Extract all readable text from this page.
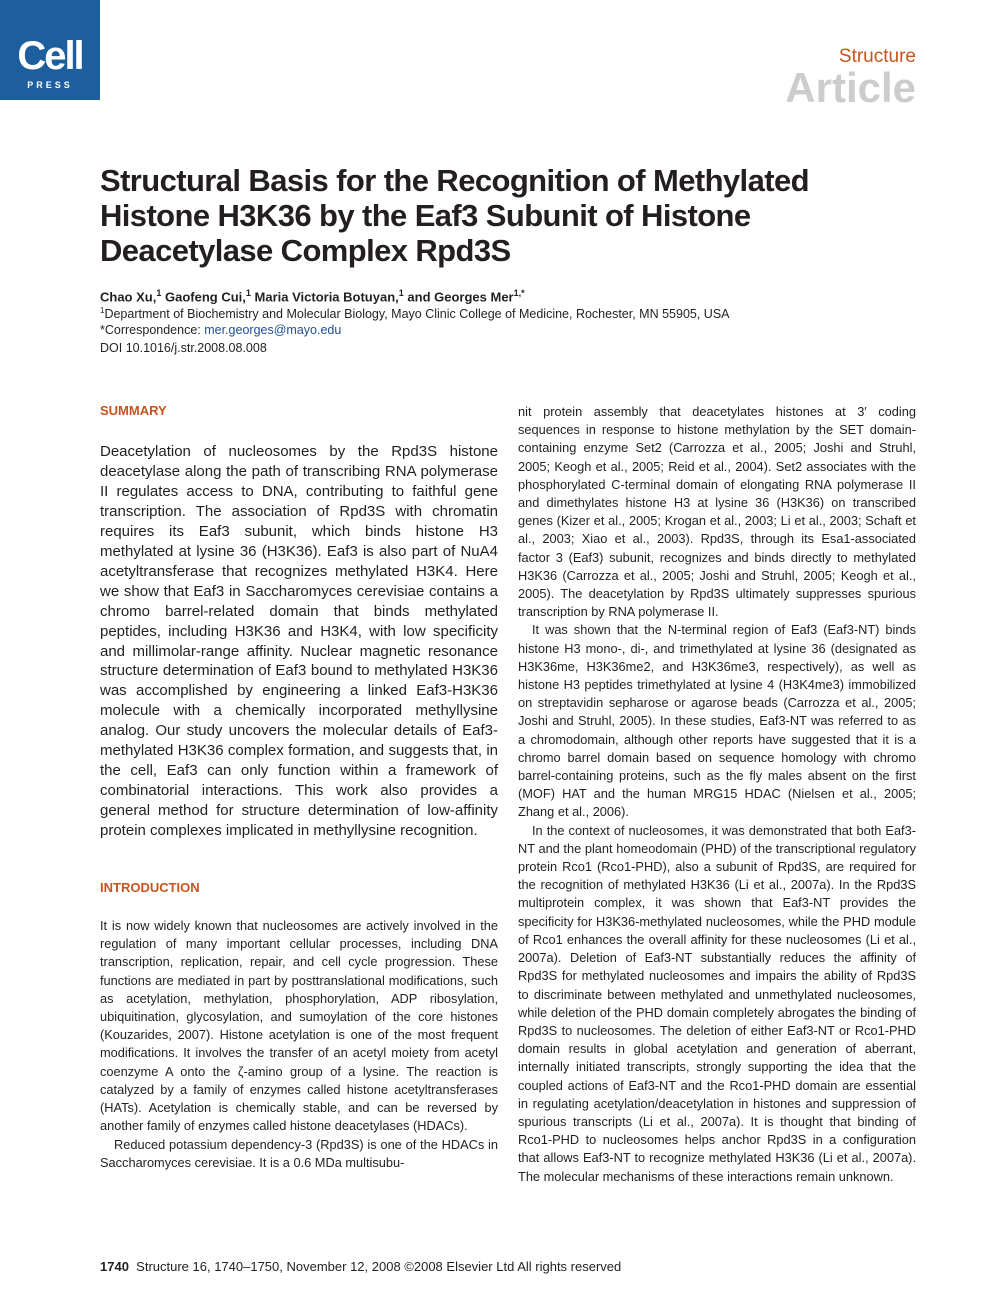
Cell
PRESS
Structure
Article
Structural Basis for the Recognition of Methylated Histone H3K36 by the Eaf3 Subunit of Histone Deacetylase Complex Rpd3S
Chao Xu,$^1$ Gaofeng Cui,$^1$ Maria Victoria Botuyan,$^1$ and Georges Mer$^{1,*}$
$^1$Department of Biochemistry and Molecular Biology, Mayo Clinic College of Medicine, Rochester, MN 55905, USA
*Correspondence: mer.georges@mayo.edu
DOI 10.1016/j.str.2008.08.008
SUMMARY

Deacetylation of nucleosomes by the Rpd3S histone deacetylase along the path of transcribing RNA polymerase II regulates access to DNA, contributing to faithful gene transcription. The association of Rpd3S with chromatin requires its Eaf3 subunit, which binds histone H3 methylated at lysine 36 (H3K36). Eaf3 is also part of NuA4 acetyltransferase that recognizes methylated H3K4. Here we show that Eaf3 in Saccharomyces cerevisiae contains a chromo barrel-related domain that binds methylated peptides, including H3K36 and H3K4, with low specificity and millimolar-range affinity. Nuclear magnetic resonance structure determination of Eaf3 bound to methylated H3K36 was accomplished by engineering a linked Eaf3-H3K36 molecule with a chemically incorporated methyllysine analog. Our study uncovers the molecular details of Eaf3-methylated H3K36 complex formation, and suggests that, in the cell, Eaf3 can only function within a framework of combinatorial interactions. This work also provides a general method for structure determination of low-affinity protein complexes implicated in methyllysine recognition.

INTRODUCTION

It is now widely known that nucleosomes are actively involved in the regulation of many important cellular processes, including DNA transcription, replication, repair, and cell cycle progression. These functions are mediated in part by posttranslational modifications, such as acetylation, methylation, phosphorylation, ADP ribosylation, ubiquitination, glycosylation, and sumoylation of the core histones (Kouzarides, 2007). Histone acetylation is one of the most frequent modifications. It involves the transfer of an acetyl moiety from acetyl coenzyme A onto the ζ-amino group of a lysine. The reaction is catalyzed by a family of enzymes called histone acetyltransferases (HATs). Acetylation is chemically stable, and can be reversed by another family of enzymes called histone deacetylases (HDACs).

Reduced potassium dependency-3 (Rpd3S) is one of the HDACs in Saccharomyces cerevisiae. It is a 0.6 MDa multisubu-

nit protein assembly that deacetylates histones at 3′ coding sequences in response to histone methylation by the SET domain-containing enzyme Set2 (Carrozza et al., 2005; Joshi and Struhl, 2005; Keogh et al., 2005; Reid et al., 2004). Set2 associates with the phosphorylated C-terminal domain of elongating RNA polymerase II and dimethylates histone H3 at lysine 36 (H3K36) on transcribed genes (Kizer et al., 2005; Krogan et al., 2003; Li et al., 2003; Schaft et al., 2003; Xiao et al., 2003). Rpd3S, through its Esa1-associated factor 3 (Eaf3) subunit, recognizes and binds directly to methylated H3K36 (Carrozza et al., 2005; Joshi and Struhl, 2005; Keogh et al., 2005). The deacetylation by Rpd3S ultimately suppresses spurious transcription by RNA polymerase II.

It was shown that the N-terminal region of Eaf3 (Eaf3-NT) binds histone H3 mono-, di-, and trimethylated at lysine 36 (designated as H3K36me, H3K36me2, and H3K36me3, respectively), as well as histone H3 peptides trimethylated at lysine 4 (H3K4me3) immobilized on streptavidin sepharose or agarose beads (Carrozza et al., 2005; Joshi and Struhl, 2005). In these studies, Eaf3-NT was referred to as a chromodomain, although other reports have suggested that it is a chromo barrel domain based on sequence homology with chromo barrel-containing proteins, such as the fly males absent on the first (MOF) HAT and the human MRG15 HDAC (Nielsen et al., 2005; Zhang et al., 2006).

In the context of nucleosomes, it was demonstrated that both Eaf3-NT and the plant homeodomain (PHD) of the transcriptional regulatory protein Rco1 (Rco1-PHD), also a subunit of Rpd3S, are required for the recognition of methylated H3K36 (Li et al., 2007a). In the Rpd3S multiprotein complex, it was shown that Eaf3-NT provides the specificity for H3K36-methylated nucleosomes, while the PHD module of Rco1 enhances the overall affinity for these nucleosomes (Li et al., 2007a). Deletion of Eaf3-NT substantially reduces the affinity of Rpd3S for methylated nucleosomes and impairs the ability of Rpd3S to discriminate between methylated and unmethylated nucleosomes, while deletion of the PHD domain completely abrogates the binding of Rpd3S to nucleosomes. The deletion of either Eaf3-NT or Rco1-PHD domain results in global acetylation and generation of aberrant, internally initiated transcripts, strongly supporting the idea that the coupled actions of Eaf3-NT and the Rco1-PHD domain are essential in regulating acetylation/deacetylation in histones and suppression of spurious transcripts (Li et al., 2007a). It is thought that binding of Rco1-PHD to nucleosomes helps anchor Rpd3S in a configuration that allows Eaf3-NT to recognize methylated H3K36 (Li et al., 2007a). The molecular mechanisms of these interactions remain unknown.

1740 Structure 16, 1740–1750, November 12, 2008 ©2008 Elsevier Ltd All rights reserved
